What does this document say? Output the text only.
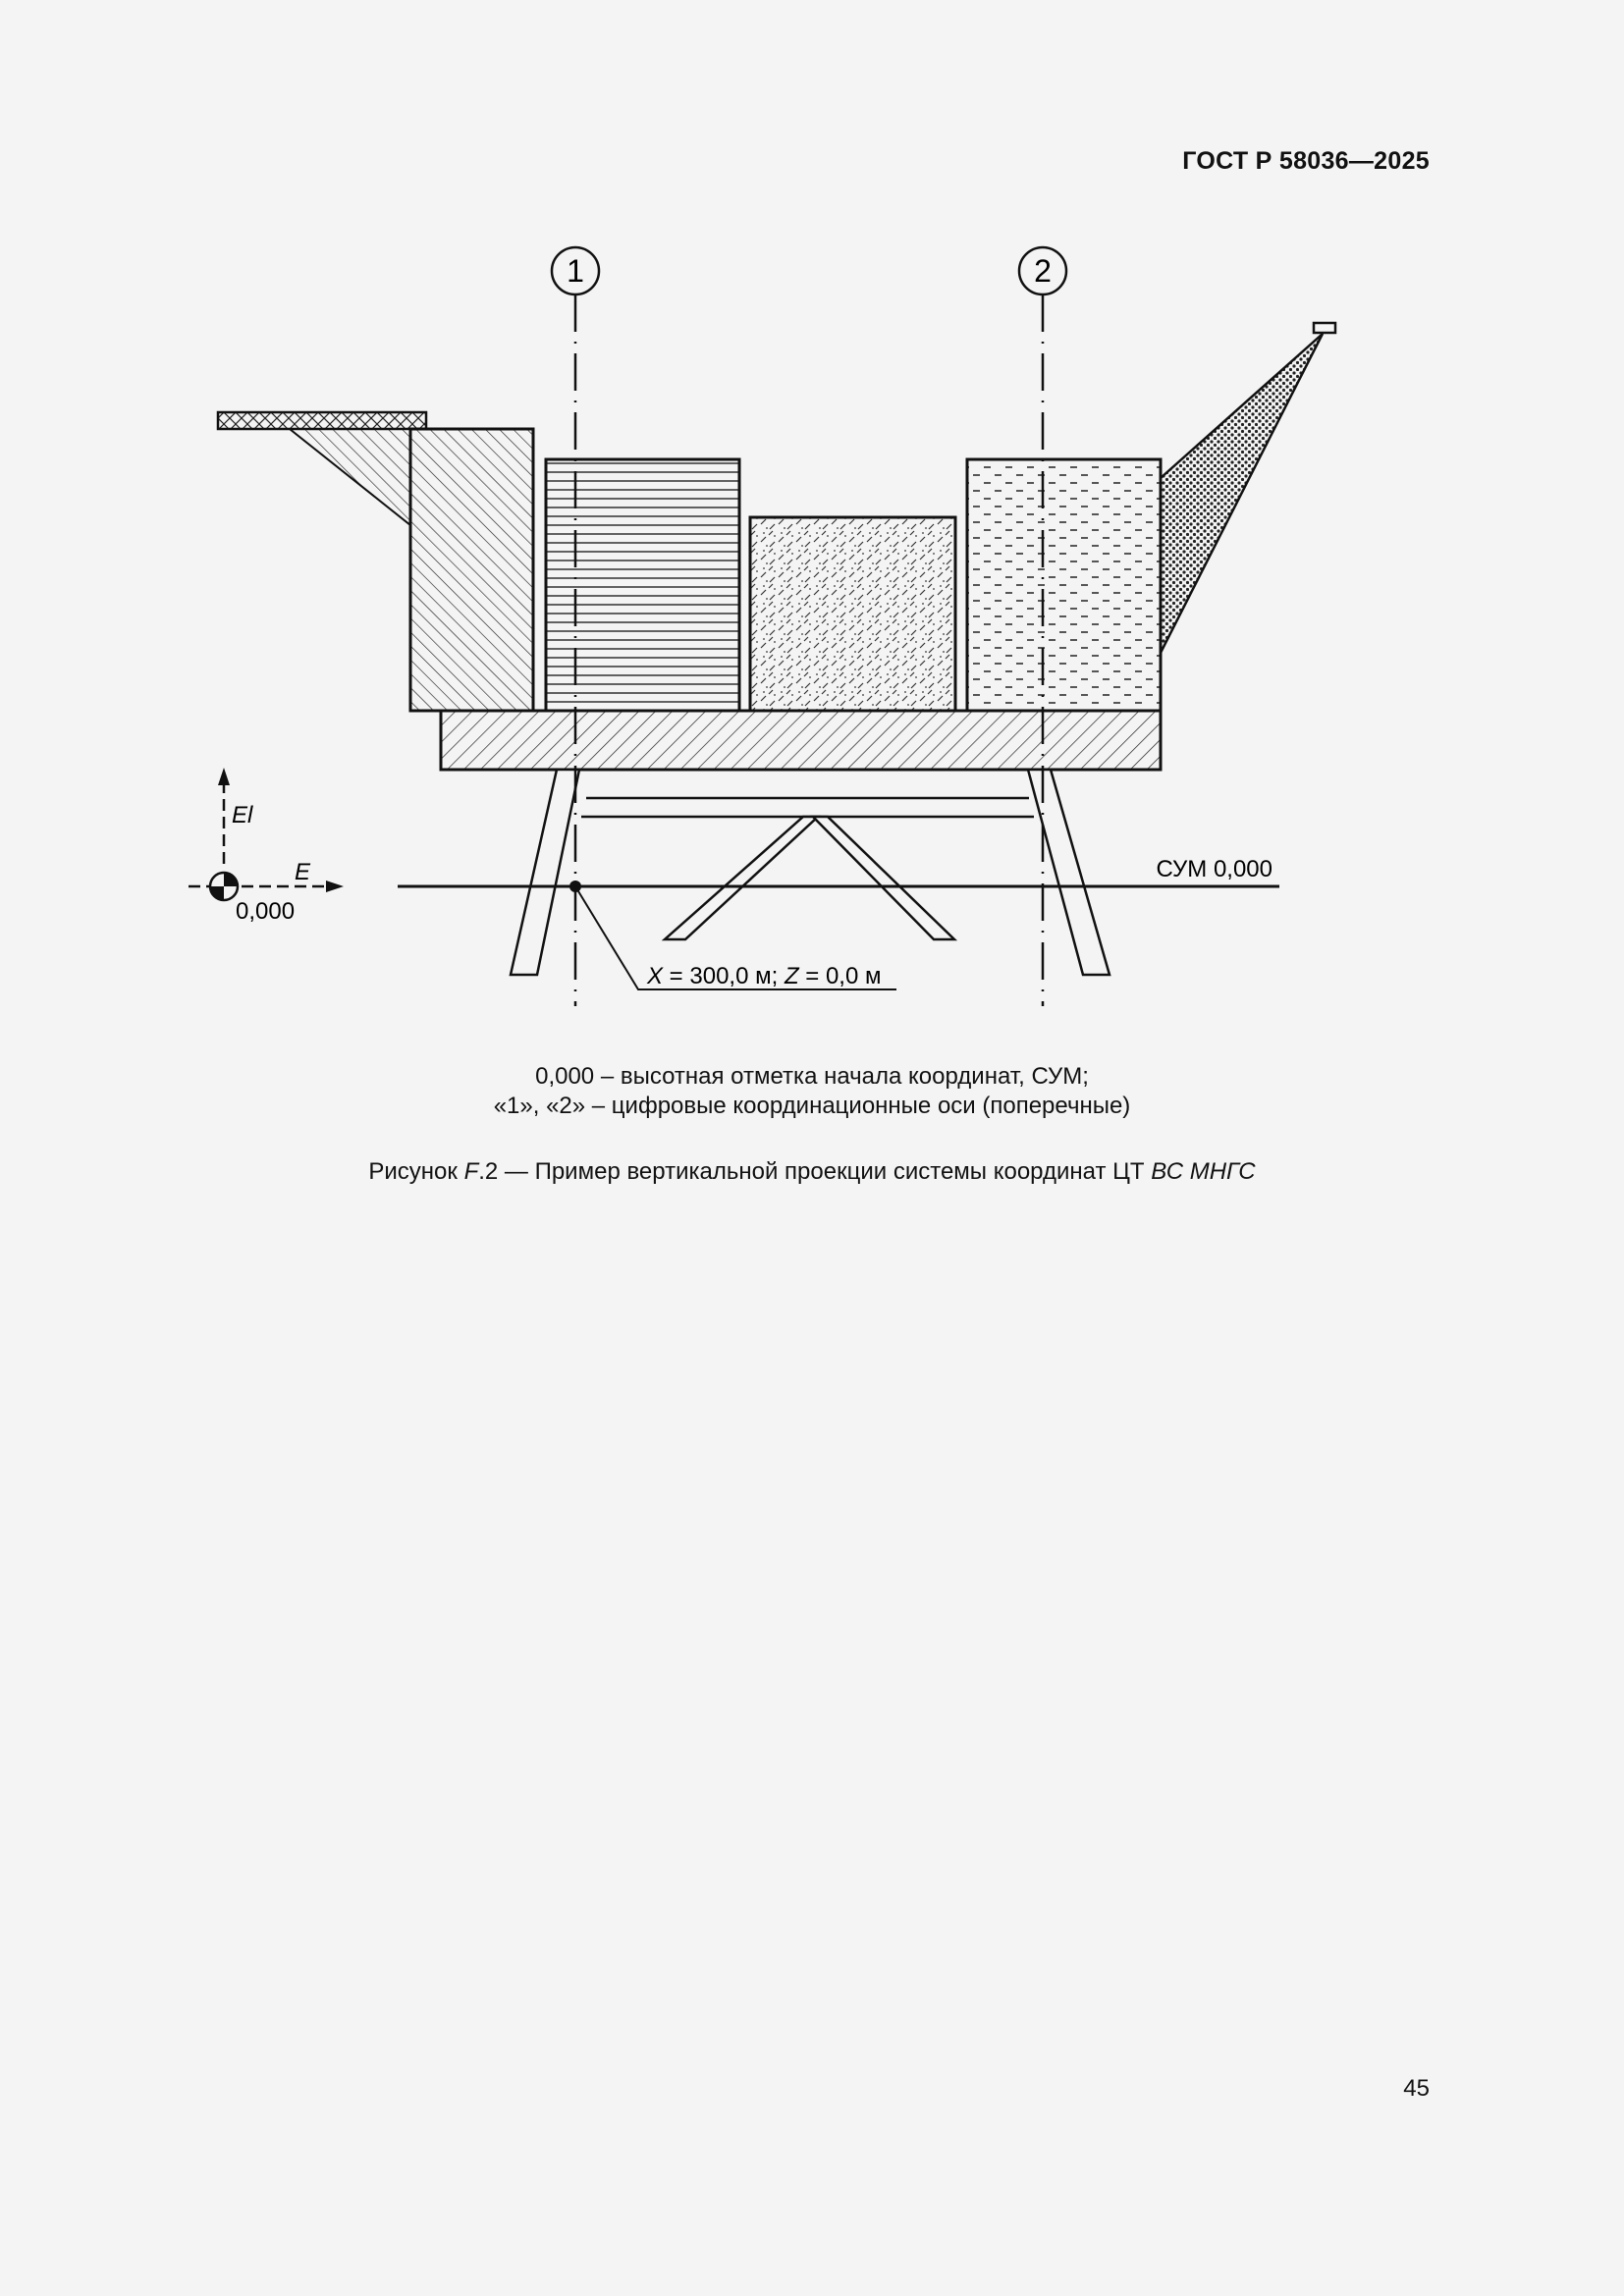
ГОСТ Р 58036—2025
1	2
X = 300,0 м; Z = 0,0 м
СУМ 0,000
El
E
0,000
0,000 – высотная отметка начала координат, СУМ;
«1», «2» – цифровые координационные оси (поперечные)
Рисунок F.2 — Пример вертикальной проекции системы координат ЦТ ВС МНГС
45
